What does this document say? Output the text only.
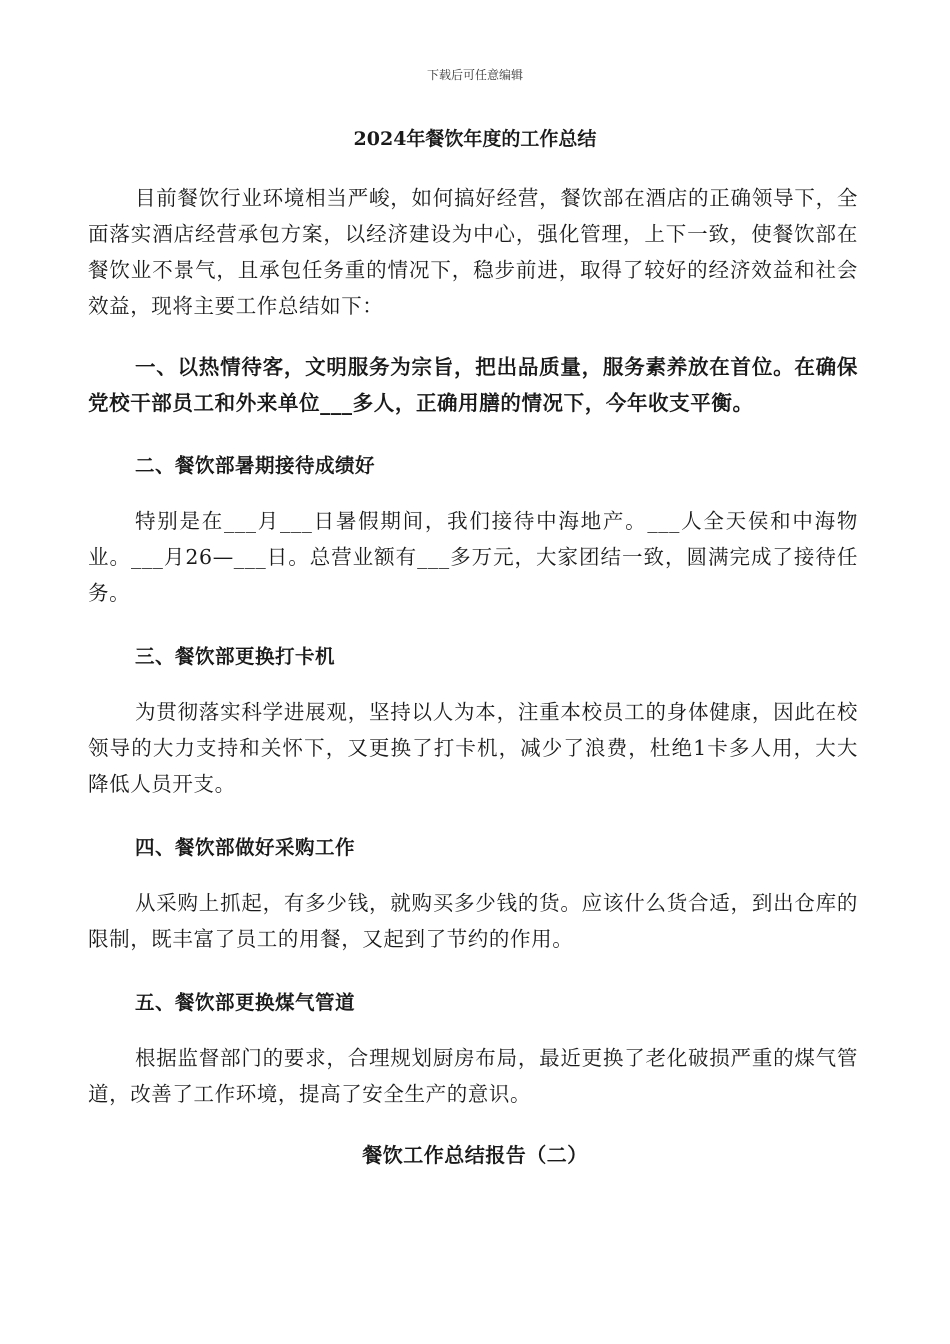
下载后可任意编辑
2024年餐饮年度的工作总结

目前餐饮行业环境相当严峻，如何搞好经营，餐饮部在酒店的正确领导下，全面落实酒店经营承包方案，以经济建设为中心，强化管理，上下一致，使餐饮部在餐饮业不景气，且承包任务重的情况下，稳步前进，取得了较好的经济效益和社会效益，现将主要工作总结如下：

一、以热情待客，文明服务为宗旨，把出品质量，服务素养放在首位。在确保党校干部员工和外来单位___多人，正确用膳的情况下，今年收支平衡。

二、餐饮部暑期接待成绩好

特别是在___月___日暑假期间，我们接待中海地产。___人全天侯和中海物业。___月26—___日。总营业额有___多万元，大家团结一致，圆满完成了接待任务。

三、餐饮部更换打卡机

为贯彻落实科学进展观，坚持以人为本，注重本校员工的身体健康，因此在校领导的大力支持和关怀下，又更换了打卡机，减少了浪费，杜绝1卡多人用，大大降低人员开支。

四、餐饮部做好采购工作

从采购上抓起，有多少钱，就购买多少钱的货。应该什么货合适，到出仓库的限制，既丰富了员工的用餐，又起到了节约的作用。

五、餐饮部更换煤气管道

根据监督部门的要求，合理规划厨房布局，最近更换了老化破损严重的煤气管道，改善了工作环境，提高了安全生产的意识。

餐饮工作总结报告（二）
